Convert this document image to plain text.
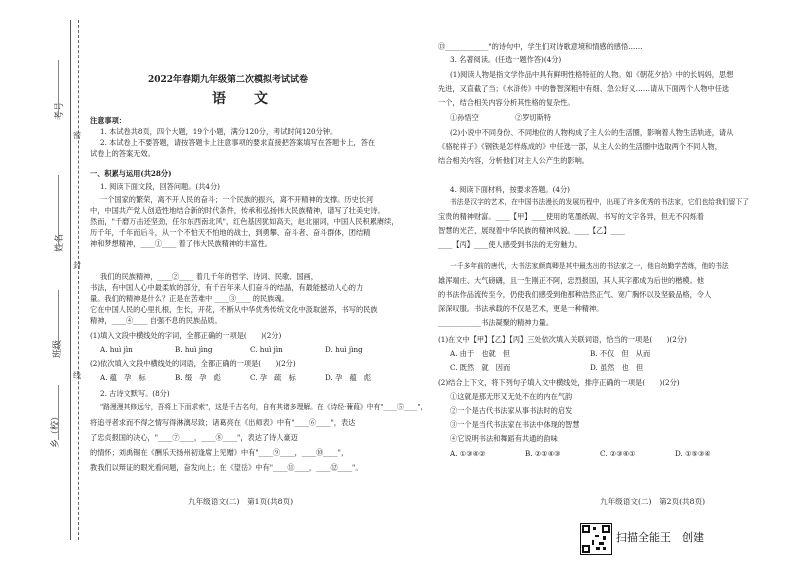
密
封
线
考号
姓名
班级
乡（校）
2022年春期九年级第二次模拟考试试卷
语　　文
注意事项：
1. 本试卷共8页，四个大题，19个小题，满分120分，考试时间120分钟。
2. 本试卷上不要答题，请按答题卡上注意事项的要求直接把答案填写在答题卡上，答在
试卷上的答案无效。
一、积累与运用(共28分)
1. 阅读下面文段，回答问题。(共4分)
一个国家的繁荣，离不开人民的奋斗；一个民族的振兴，离不开精神的支撑。历史长河
中，中国共产党人创造性地结合新的时代条件，传承和弘扬伟大民族精神，谱写了壮美史诗。
然而，"千磨万击还坚劲，任尔东西南北风"，红色基因犹如高天，赵北丽词，中国人民积累赓续，
历千年，千年而后斗，从一个不怕天不怕地的战士，到勇攀、奋斗者、奋斗群体，团结精
神和梦想精神，____①____ 着了伟大民族精神的丰富性。
我们的民族精神，____②____ 着几千年的哲学、诗词、民歌、国画，
书法，有中国人心中最柔软的部分，有千百年来人们奋斗的结晶，有最能撼动人心的力
量。我们的精神是什么？正是在苦难中 ____③____ 的民族魂。
它在中国人民的心里扎根，生长，开花，不断从中华优秀传统文化中汲取滋养，书写的民族
精神，____④____ 自强不息的民族品质。
(1)填入文段中横线处的字词，全都正确的一项是(　　)(2分)
A. huì jìn	B. huì jìng	C. huì jìn	D. huì jìng
(2)依次填入文段中横线处的词语，全都正确的一项是(　　)(2分)
A. 蕴　孕　标	B. 缀　孕　彪	C. 孕　疏　标	D. 孕　蕴　彪
2. 古诗文默写。(8分)
"路漫漫其修远兮，吾将上下而求索"，这是千古名句，自有其诸多理解。在《诗经·蒹葭》中有"____⑤____"，
将追寻者求而不得之情写得淋漓尽致；诸葛亮在《出师表》中有"____⑥____"，表达
了忠贞报国的决心，"____⑦____，____⑧____"，表达了诗人豪迈
的情怀；刘禹锡在《酬乐天扬州初逢席上见赠》中有"____⑨____，____⑩____"，
教我们以辩证的眼光看问题，奋发向上；在《望岳》中有"____⑪____，____⑫____"。
九年级语文(二)　第1页(共8页)
⑬____________"的诗句中，学生们对诗歌意境和情感的感悟……
3. 名著阅读。(任选一题作答)(4分)
(1)阅读人物是指文学作品中具有鲜明性格特征的人物。如《朝花夕拾》中的长妈妈，思想
先进，又直截了当；《水浒传》中的鲁智深粗中有细、急公好义……请从下面两个人物中任选
一个，结合相关内容分析其性格的复杂性。
①孙悟空	②罗切斯特
(2)小说中不同身份、不同地位的人物构成了主人公的生活圈，影响着人物生活轨迹，请从
《骆驼祥子》《钢铁是怎样炼成的》中任选一部，从主人公的生活圈中选取两个不同人物，
结合相关内容，分析他们对主人公产生的影响。
4. 阅读下面材料，按要求答题。(4分)
书法是汉字的艺术，在中国书法漫长的发展历程中，出现了许多优秀的书法家，它们也给我们留下了
宝贵的精神财富。____【甲】____使用的笔墨纸砚、书写的文字各异，但无不闪烁着
智慧的光芒，展现着中华民族的精神风貌。____【乙】____
____【丙】____使人感受到书法的无穷魅力。
一千多年前的唐代，大书法家颜真卿是其中最杰出的书法家之一，他自幼勤学苦练，他的书法
雄浑端庄、大气磅礴，且一生刚正不阿，忠烈报国，其人其字都成为后世的楷模。他
的书法作品流传至今，仍使我们感受到他那种浩然正气、宽广胸怀以及坚毅品格，令人
深深叹服。书法承载的不仅是艺术，更是一种精神。
____________书法凝聚的精神力量。
(1)在文中【甲】【乙】【丙】三处依次填入关联词语，恰当的一项是(　　)(2分)
A. 由于　也就　但	B. 不仅　但　从而
C. 既然　就　因而	D. 虽然　也　但
(2)结合上下文，将下列句子填入文中横线处，排序正确的一项是(　　)(2分)
①这就是那无形又无处不在的内在气韵
②一个是古代书法家从事书法时的启发
③一个是当代书法家在书法中体现的智慧
④它说明书法和舞蹈有共通的韵味
A. ①③④②	B. ②①④③	C. ②③④①	D. ①⑤③④
九年级语文(二)　第2页(共8页)
扫描全能王　创建
